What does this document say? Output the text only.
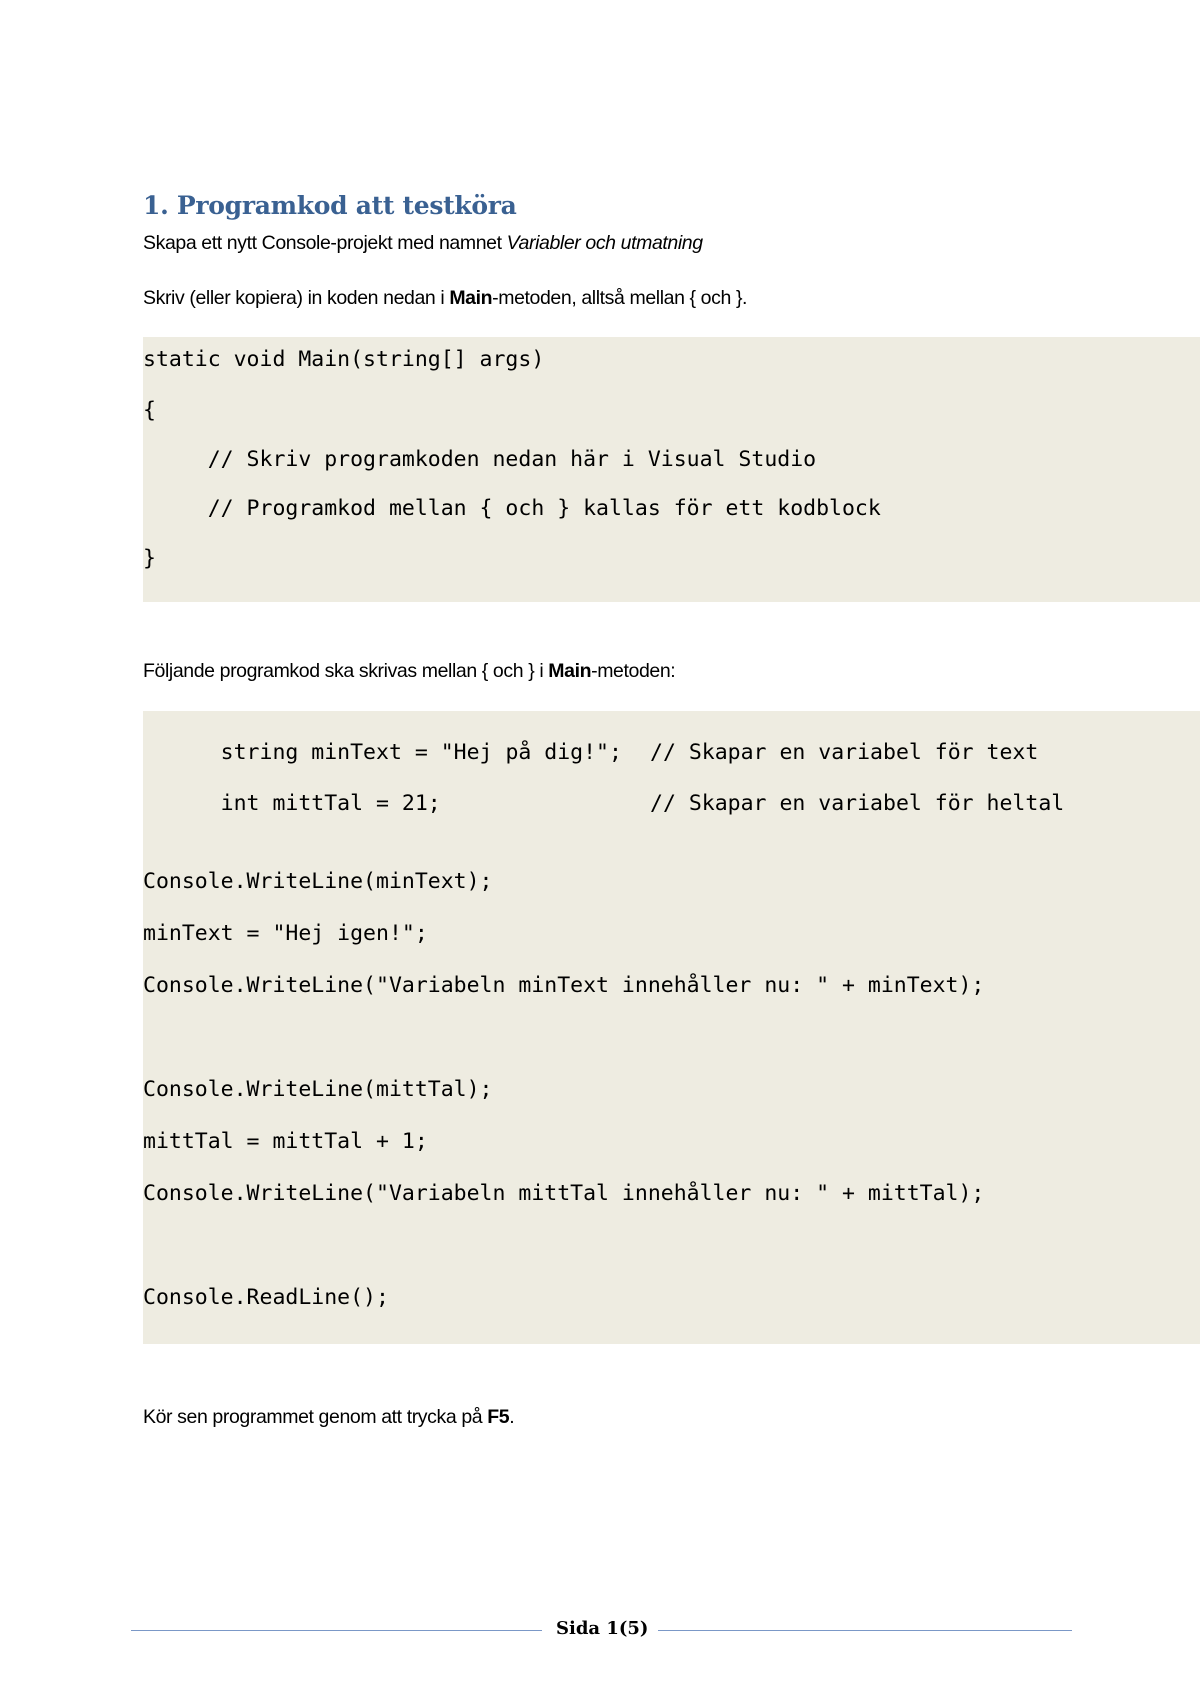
1. Programkod att testköra
Skapa ett nytt Console-projekt med namnet Variabler och utmatning
Skriv (eller kopiera) in koden nedan i Main-metoden, alltså mellan { och }.
static void Main(string[] args)
{
// Skriv programkoden nedan här i Visual Studio
// Programkod mellan { och } kallas för ett kodblock
}
Följande programkod ska skrivas mellan { och } i Main-metoden:

string minText = "Hej på dig!"; // Skapar en variabel för text

int mittTal = 21;	// Skapar en variabel för heltal

Console.WriteLine(minText);
minText = "Hej igen!";
Console.WriteLine("Variabeln minText innehåller nu: " + minText);
Console.WriteLine(mittTal);
mittTal = mittTal + 1;
Console.WriteLine("Variabeln mittTal innehåller nu: " + mittTal);
Console.ReadLine();
Kör sen programmet genom att trycka på F5.
Sida 1(5)
